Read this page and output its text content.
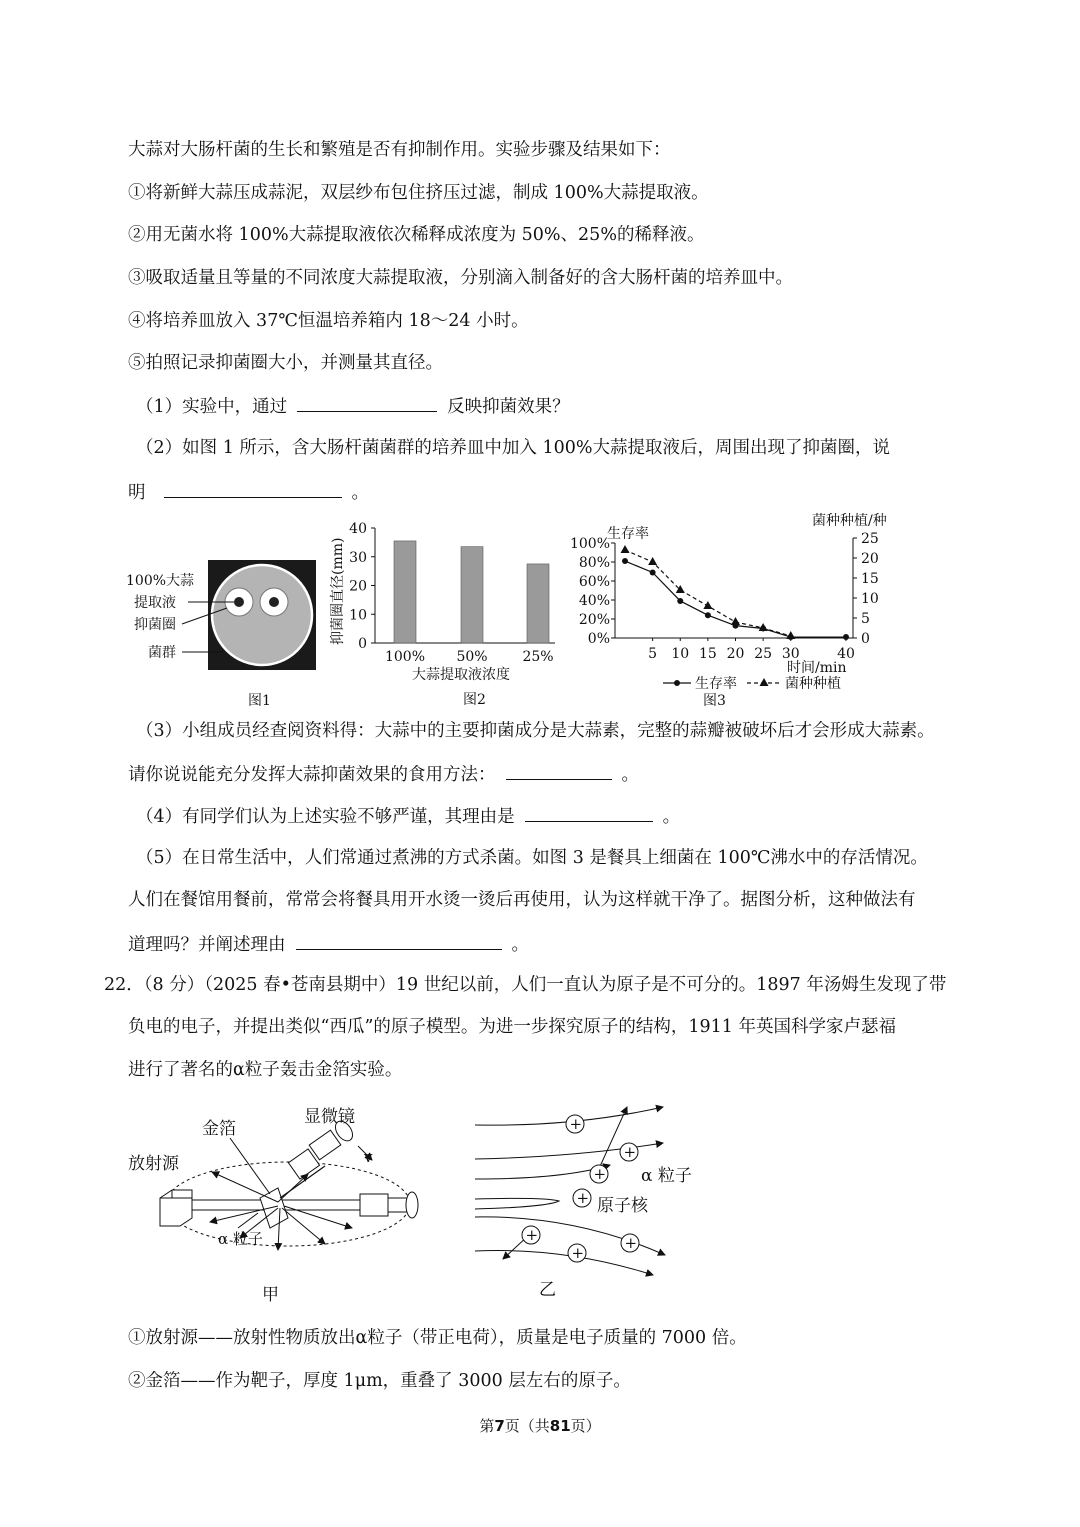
大蒜对大肠杆菌的生长和繁殖是否有抑制作用。实验步骤及结果如下：
①将新鲜大蒜压成蒜泥，双层纱布包住挤压过滤，制成 100%大蒜提取液。
②用无菌水将 100%大蒜提取液依次稀释成浓度为 50%、25%的稀释液。
③吸取适量且等量的不同浓度大蒜提取液，分别滴入制备好的含大肠杆菌的培养皿中。
④将培养皿放入 37℃恒温培养箱内 18～24 小时。
⑤拍照记录抑菌圈大小，并测量其直径。
（1）实验中，通过	反映抑菌效果？
（2）如图 1 所示，含大肠杆菌菌群的培养皿中加入 100%大蒜提取液后，周围出现了抑菌圈，说
明	。
100%大蒜
提取液
抑菌圈
菌群
图1
0
10
20
30
40
100% 50% 25%
抑菌圈直径(mm)
大蒜提取液浓度
图2
0%
20%
40%
60%
80%
100%
0
5
10
15
20
25
5 10 15 20 25 30	40
生存率
菌种种植/种
时间/min
生存率	菌种种植
图3
（3）小组成员经查阅资料得：大蒜中的主要抑菌成分是大蒜素，完整的蒜瓣被破坏后才会形成大蒜素。
请你说说能充分发挥大蒜抑菌效果的食用方法：	。
（4）有同学们认为上述实验不够严谨，其理由是	。
（5）在日常生活中，人们常通过煮沸的方式杀菌。如图 3 是餐具上细菌在 100℃沸水中的存活情况。
人们在餐馆用餐前，常常会将餐具用开水烫一烫后再使用，认为这样就干净了。据图分析，这种做法有
道理吗？并阐述理由	。
22．（8 分）（2025 春•苍南县期中）19 世纪以前，人们一直认为原子是不可分的。1897 年汤姆生发现了带
负电的电子，并提出类似“西瓜”的原子模型。为进一步探究原子的结构，1911 年英国科学家卢瑟福
进行了著名的α粒子轰击金箔实验。
金箔
显微镜
放射源	v
α 粒子
甲
+
+
+
+
+
+
+
α 粒子
原子核
乙
①放射源——放射性物质放出α粒子（带正电荷），质量是电子质量的 7000 倍。
②金箔——作为靶子，厚度 1μm，重叠了 3000 层左右的原子。
第7页（共81页）
